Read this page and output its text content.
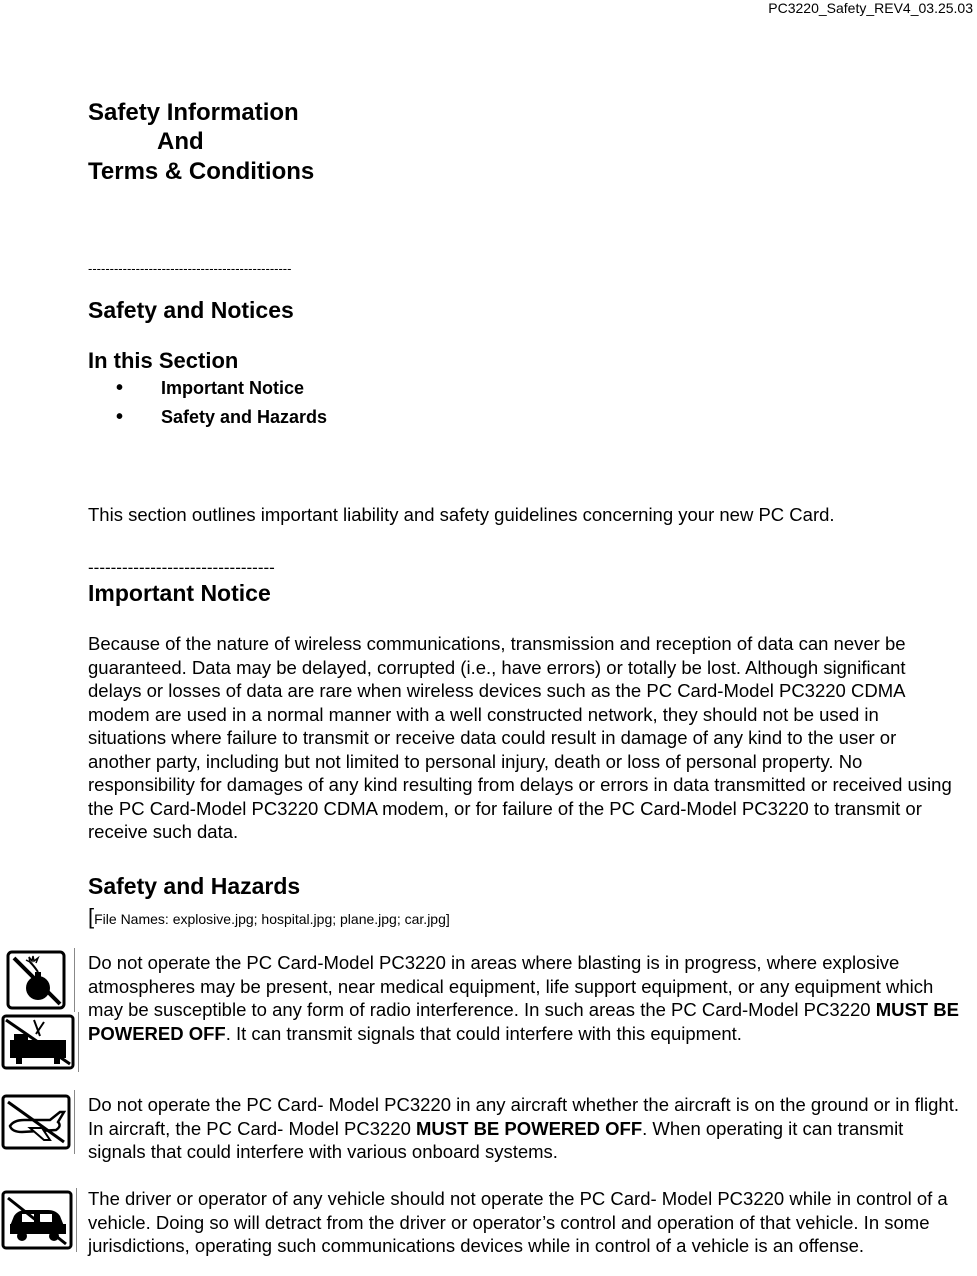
PC3220_Safety_REV4_03.25.03
Safety Information
And
Terms & Conditions
-----------------------------------------------
Safety and Notices
In this Section
• Important Notice
• Safety and Hazards
This section outlines important liability and safety guidelines concerning your new PC Card.
---------------------------------
Important Notice
Because of the nature of wireless communications, transmission and reception of data can never be guaranteed. Data may be delayed, corrupted (i.e., have errors) or totally be lost. Although significant delays or losses of data are rare when wireless devices such as the PC Card-Model PC3220 CDMA modem are used in a normal manner with a well constructed network, they should not be used in situations where failure to transmit or receive data could result in damage of any kind to the user or another party, including but not limited to personal injury, death or loss of personal property. No responsibility for damages of any kind resulting from delays or errors in data transmitted or received using the PC Card-Model PC3220 CDMA modem, or for failure of the PC Card-Model PC3220 to transmit or receive such data.
Safety and Hazards
[File Names: explosive.jpg; hospital.jpg; plane.jpg; car.jpg]
Do not operate the PC Card-Model PC3220 in areas where blasting is in progress, where explosive atmospheres may be present, near medical equipment, life support equipment, or any equipment which may be susceptible to any form of radio interference. In such areas the PC Card-Model PC3220 MUST BE POWERED OFF. It can transmit signals that could interfere with this equipment.
Do not operate the PC Card- Model PC3220 in any aircraft whether the aircraft is on the ground or in flight. In aircraft, the PC Card- Model PC3220 MUST BE POWERED OFF. When operating it can transmit signals that could interfere with various onboard systems.
The driver or operator of any vehicle should not operate the PC Card- Model PC3220 while in control of a vehicle. Doing so will detract from the driver or operator’s control and operation of that vehicle. In some jurisdictions, operating such communications devices while in control of a vehicle is an offense.
